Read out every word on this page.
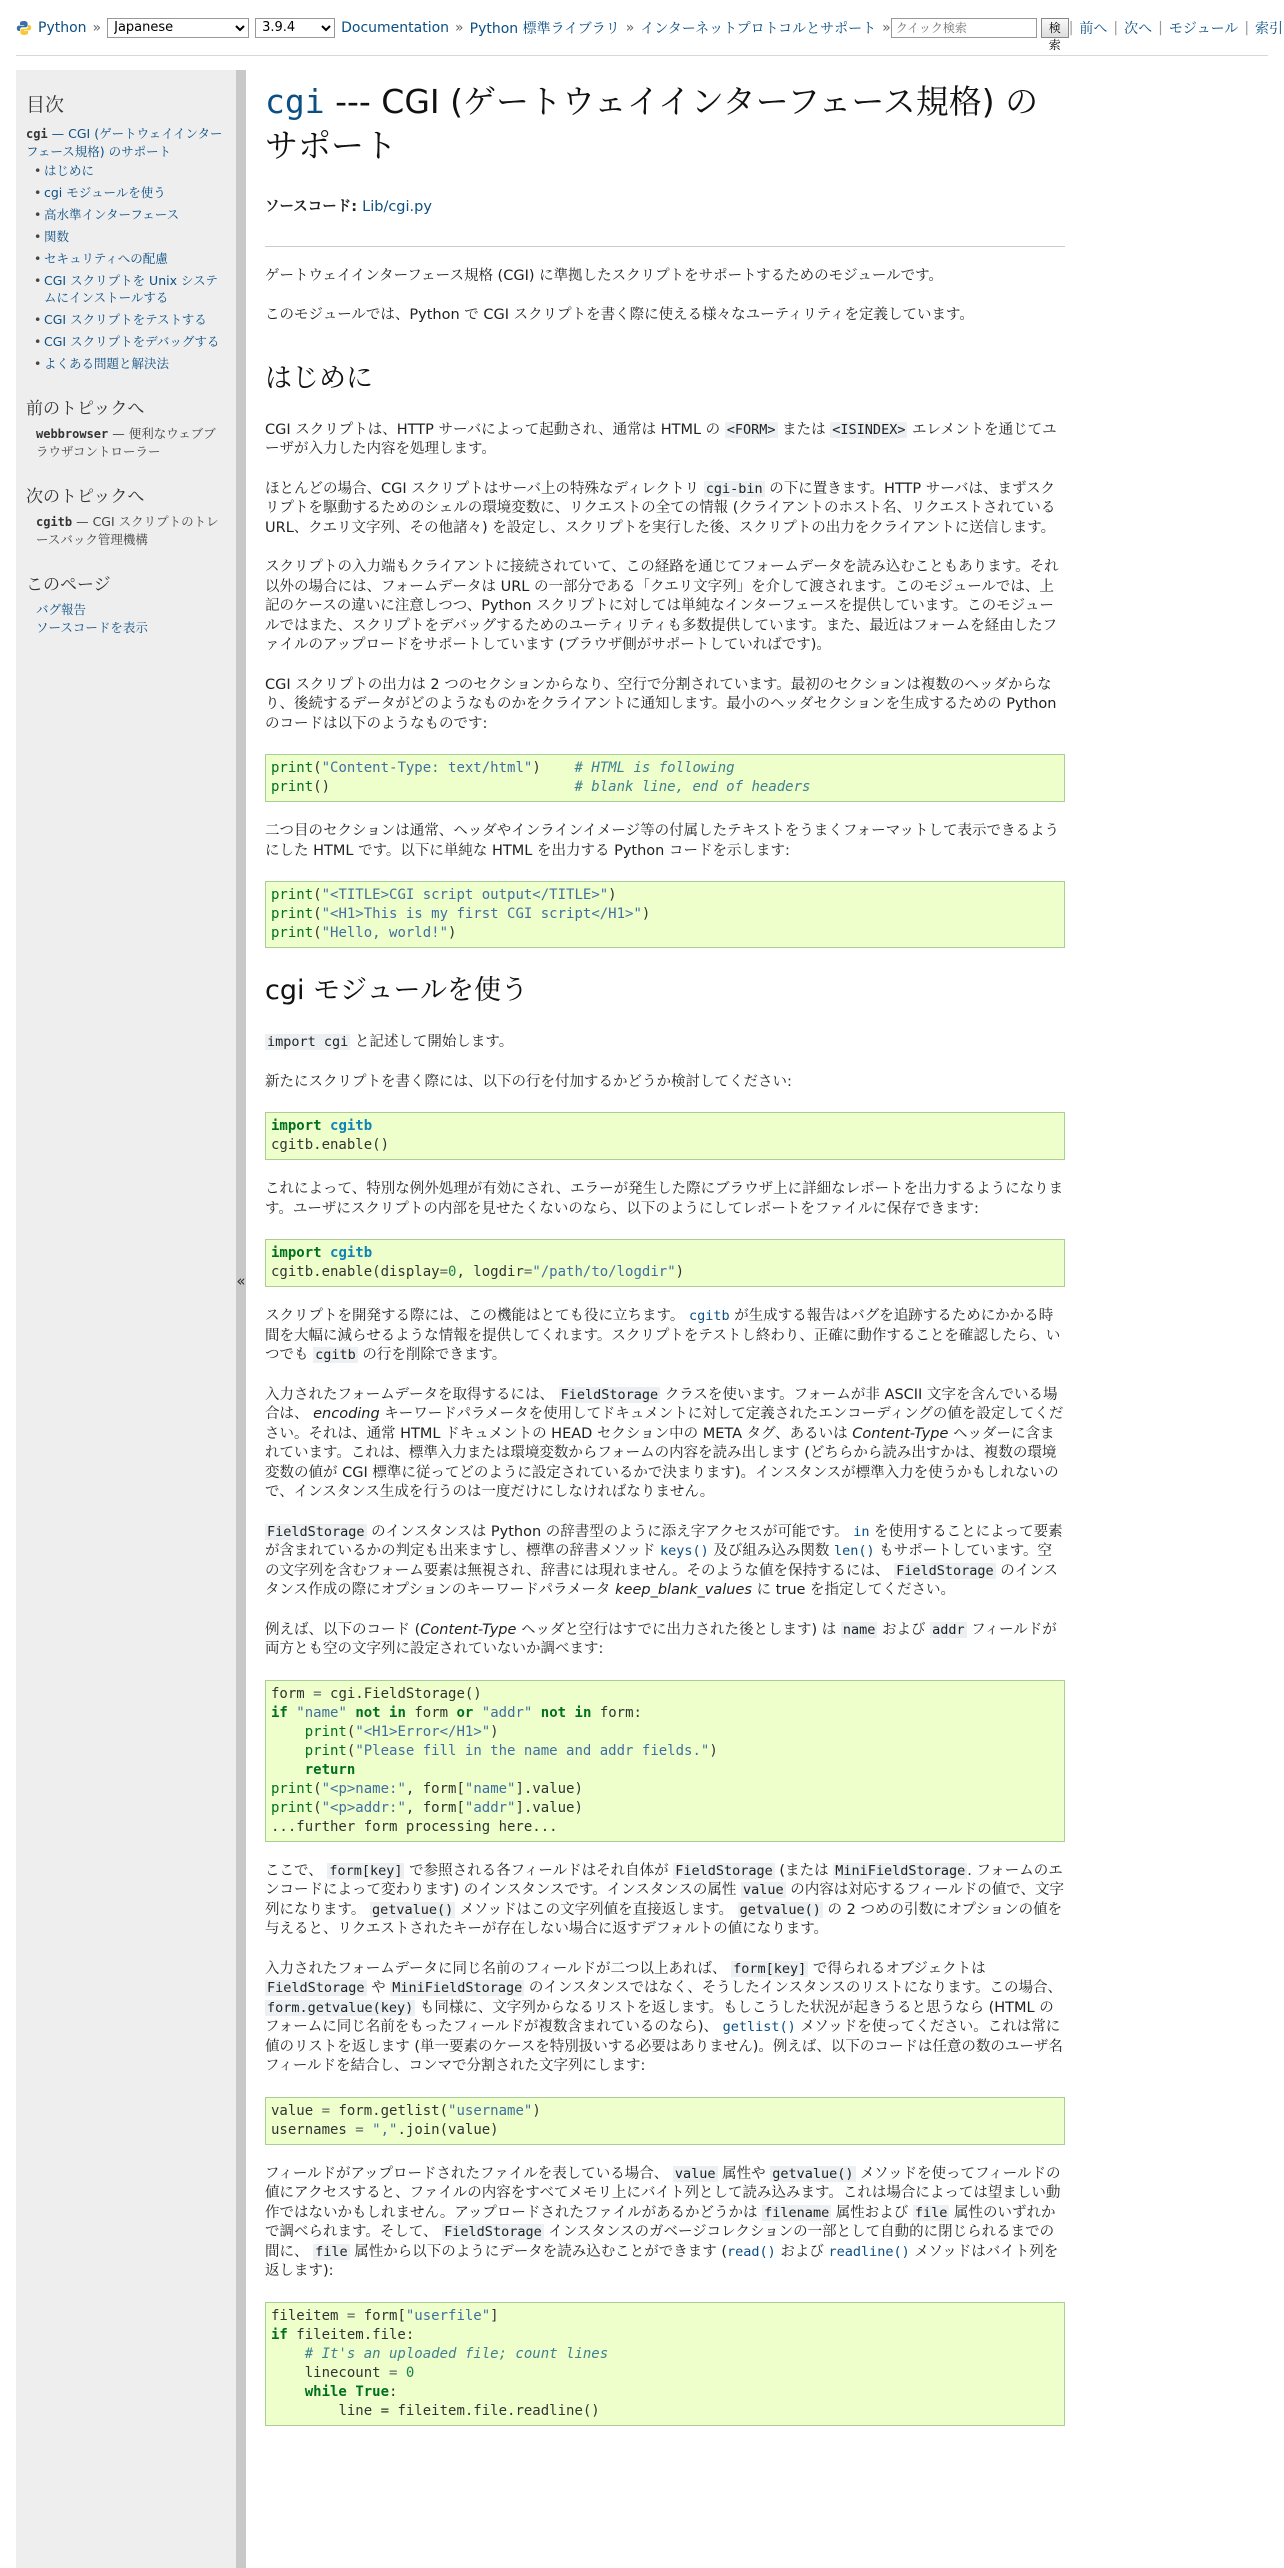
Python »
Japanese
3.9.4	Documentation » Python 標準ライブラリ » インターネットプロトコルとサポート »
クイック検索	検索
| 前へ | 次へ | モジュール | 索引
目次
cgi — CGI (ゲートウェイインターフェース規格) のサポート
• はじめに
• cgi モジュールを使う
• 高水準インターフェース
• 関数
• セキュリティへの配慮
• CGI スクリプトを Unix システムにインストールする
• CGI スクリプトをテストする
• CGI スクリプトをデバッグする
• よくある問題と解決法
前のトピックへ
webbrowser — 便利なウェブブラウザコントローラー
次のトピックへ
cgitb — CGI スクリプトのトレースバック管理機構
このページ
バグ報告
ソースコードを表示
«
cgi --- CGI (ゲートウェイインターフェース規格) のサポート

ソースコード: Lib/cgi.py

ゲートウェイインターフェース規格 (CGI) に準拠したスクリプトをサポートするためのモジュールです。

このモジュールでは、Python で CGI スクリプトを書く際に使える様々なユーティリティを定義しています。

はじめに

CGI スクリプトは、HTTP サーバによって起動され、通常は HTML の <FORM> または <ISINDEX> エレメントを通じてユーザが入力した内容を処理します。

ほとんどの場合、CGI スクリプトはサーバ上の特殊なディレクトリ cgi-bin の下に置きます。HTTP サーバは、まずスクリプトを駆動するためのシェルの環境変数に、リクエストの全ての情報 (クライアントのホスト名、リクエストされている URL、クエリ文字列、その他諸々) を設定し、スクリプトを実行した後、スクリプトの出力をクライアントに送信します。

スクリプトの入力端もクライアントに接続されていて、この経路を通じてフォームデータを読み込むこともあります。それ以外の場合には、フォームデータは URL の一部分である「クエリ文字列」を介して渡されます。このモジュールでは、上記のケースの違いに注意しつつ、Python スクリプトに対しては単純なインターフェースを提供しています。このモジュールではまた、スクリプトをデバッグするためのユーティリティも多数提供しています。また、最近はフォームを経由したファイルのアップロードをサポートしています (ブラウザ側がサポートしていればです)。

CGI スクリプトの出力は 2 つのセクションからなり、空行で分割されています。最初のセクションは複数のヘッダからなり、後続するデータがどのようなものかをクライアントに通知します。最小のヘッダセクションを生成するための Python のコードは以下のようなものです:

print("Content-Type: text/html") # HTML is following
print()	# blank line, end of headers

二つ目のセクションは通常、ヘッダやインラインイメージ等の付属したテキストをうまくフォーマットして表示できるようにした HTML です。以下に単純な HTML を出力する Python コードを示します:

print("<TITLE>CGI script output</TITLE>")
print("<H1>This is my first CGI script</H1>")
print("Hello, world!")
cgi モジュールを使う

import cgi と記述して開始します。

新たにスクリプトを書く際には、以下の行を付加するかどうか検討してください:

import cgitb
cgitb.enable()

これによって、特別な例外処理が有効にされ、エラーが発生した際にブラウザ上に詳細なレポートを出力するようになります。ユーザにスクリプトの内部を見せたくないのなら、以下のようにしてレポートをファイルに保存できます:

import cgitb
cgitb.enable(display=0, logdir="/path/to/logdir")

スクリプトを開発する際には、この機能はとても役に立ちます。 cgitb が生成する報告はバグを追跡するためにかかる時間を大幅に減らせるような情報を提供してくれます。スクリプトをテストし終わり、正確に動作することを確認したら、いつでも cgitb の行を削除できます。

入力されたフォームデータを取得するには、 FieldStorage クラスを使います。フォームが非 ASCII 文字を含んでいる場合は、 encoding キーワードパラメータを使用してドキュメントに対して定義されたエンコーディングの値を設定してください。それは、通常 HTML ドキュメントの HEAD セクション中の META タグ、あるいは Content-Type ヘッダーに含まれています。これは、標準入力または環境変数からフォームの内容を読み出します (どちらから読み出すかは、複数の環境変数の値が CGI 標準に従ってどのように設定されているかで決まります)。インスタンスが標準入力を使うかもしれないので、インスタンス生成を行うのは一度だけにしなければなりません。

FieldStorage のインスタンスは Python の辞書型のように添え字アクセスが可能です。 in を使用することによって要素が含まれているかの判定も出来ますし、標準の辞書メソッド keys() 及び組み込み関数 len() もサポートしています。空の文字列を含むフォーム要素は無視され、辞書には現れません。そのような値を保持するには、 FieldStorage のインスタンス作成の際にオプションのキーワードパラメータ keep_blank_values に true を指定してください。

例えば、以下のコード (Content-Type ヘッダと空行はすでに出力された後とします) は name および addr フィールドが両方とも空の文字列に設定されていないか調べます:

form = cgi.FieldStorage()
if "name" not in form or "addr" not in form:
print("<H1>Error</H1>")
print("Please fill in the name and addr fields.")
return
print("<p>name:", form["name"].value)
print("<p>addr:", form["addr"].value)
...further form processing here...

ここで、 form[key] で参照される各フィールドはそれ自体が FieldStorage (または MiniFieldStorage . フォームのエンコードによって変わります) のインスタンスです。インスタンスの属性 value の内容は対応するフィールドの値で、文字列になります。 getvalue() メソッドはこの文字列値を直接返します。 getvalue() の 2 つめの引数にオプションの値を与えると、リクエストされたキーが存在しない場合に返すデフォルトの値になります。

入力されたフォームデータに同じ名前のフィールドが二つ以上あれば、 form[key] で得られるオブジェクトは FieldStorage や MiniFieldStorage のインスタンスではなく、そうしたインスタンスのリストになります。この場合、 form.getvalue(key) も同様に、文字列からなるリストを返します。もしこうした状況が起きうると思うなら (HTML のフォームに同じ名前をもったフィールドが複数含まれているのなら)、 getlist() メソッドを使ってください。これは常に値のリストを返します (単一要素のケースを特別扱いする必要はありません)。例えば、以下のコードは任意の数のユーザ名フィールドを結合し、コンマで分割された文字列にします:

value = form.getlist("username")
usernames = ",".join(value)

フィールドがアップロードされたファイルを表している場合、 value 属性や getvalue() メソッドを使ってフィールドの値にアクセスすると、ファイルの内容をすべてメモリ上にバイト列として読み込みます。これは場合によっては望ましい動作ではないかもしれません。アップロードされたファイルがあるかどうかは filename 属性および file 属性のいずれかで調べられます。そして、 FieldStorage インスタンスのガベージコレクションの一部として自動的に閉じられるまでの間に、 file 属性から以下のようにデータを読み込むことができます (read() および readline() メソッドはバイト列を返します):

fileitem = form["userfile"]
if fileitem.file:
# It's an uploaded file; count lines
linecount = 0
while True:
line = fileitem.file.readline()
